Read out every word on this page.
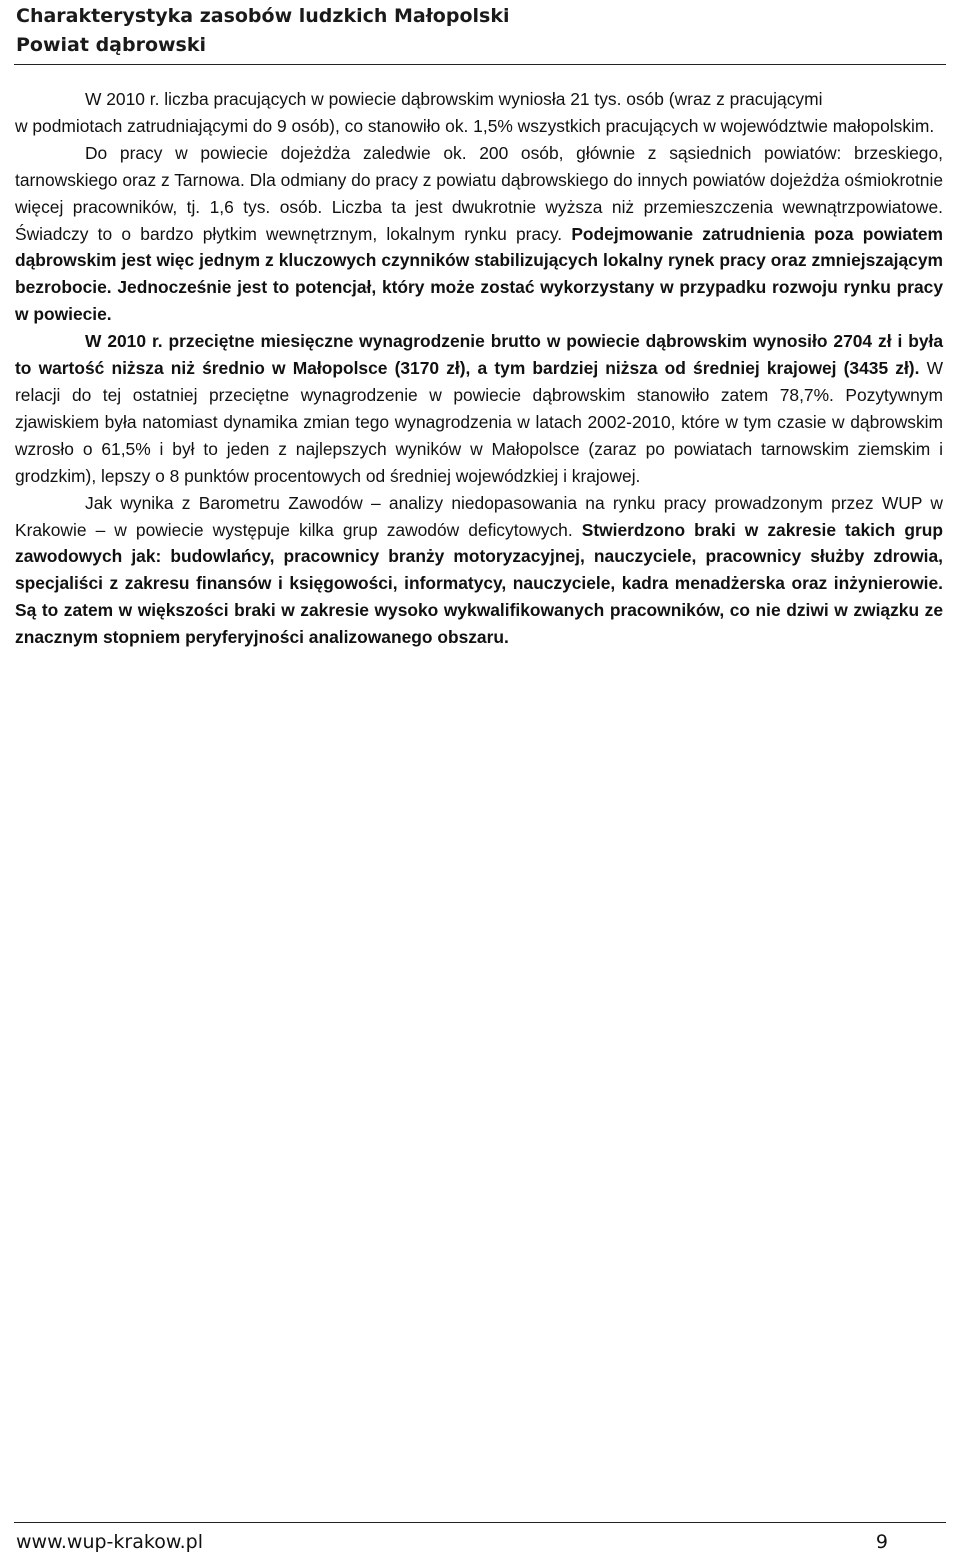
Charakterystyka zasobów ludzkich Małopolski
Powiat dąbrowski

W 2010 r. liczba pracujących w powiecie dąbrowskim wyniosła 21 tys. osób (wraz z pracującymi

w podmiotach zatrudniającymi do 9 osób), co stanowiło ok. 1,5% wszystkich pracujących w województwie małopolskim.

Do pracy w powiecie dojeżdża zaledwie ok. 200 osób, głównie z sąsiednich powiatów: brzeskiego, tarnowskiego oraz z Tarnowa. Dla odmiany do pracy z powiatu dąbrowskiego do innych powiatów dojeżdża ośmiokrotnie więcej pracowników, tj. 1,6 tys. osób. Liczba ta jest dwukrotnie wyższa niż przemieszczenia wewnątrzpowiatowe. Świadczy to o bardzo płytkim wewnętrznym, lokalnym rynku pracy. Podejmowanie zatrudnienia poza powiatem dąbrowskim jest więc jednym z kluczowych czynników stabilizujących lokalny rynek pracy oraz zmniejszającym bezrobocie. Jednocześnie jest to potencjał, który może zostać wykorzystany w przypadku rozwoju rynku pracy w powiecie.

W 2010 r. przeciętne miesięczne wynagrodzenie brutto w powiecie dąbrowskim wynosiło 2704 zł i była to wartość niższa niż średnio w Małopolsce (3170 zł), a tym bardziej niższa od średniej krajowej (3435 zł). W relacji do tej ostatniej przeciętne wynagrodzenie w powiecie dąbrowskim stanowiło zatem 78,7%. Pozytywnym zjawiskiem była natomiast dynamika zmian tego wynagrodzenia w latach 2002-2010, które w tym czasie w dąbrowskim wzrosło o 61,5% i był to jeden z najlepszych wyników w Małopolsce (zaraz po powiatach tarnowskim ziemskim i grodzkim), lepszy o 8 punktów procentowych od średniej wojewódzkiej i krajowej.

Jak wynika z Barometru Zawodów – analizy niedopasowania na rynku pracy prowadzonym przez WUP w Krakowie – w powiecie występuje kilka grup zawodów deficytowych. Stwierdzono braki w zakresie takich grup zawodowych jak: budowlańcy, pracownicy branży motoryzacyjnej, nauczyciele, pracownicy służby zdrowia, specjaliści z zakresu finansów i księgowości, informatycy, nauczyciele, kadra menadżerska oraz inżynierowie. Są to zatem w większości braki w zakresie wysoko wykwalifikowanych pracowników, co nie dziwi w związku ze znacznym stopniem peryferyjności analizowanego obszaru.

www.wup-krakow.pl	9
